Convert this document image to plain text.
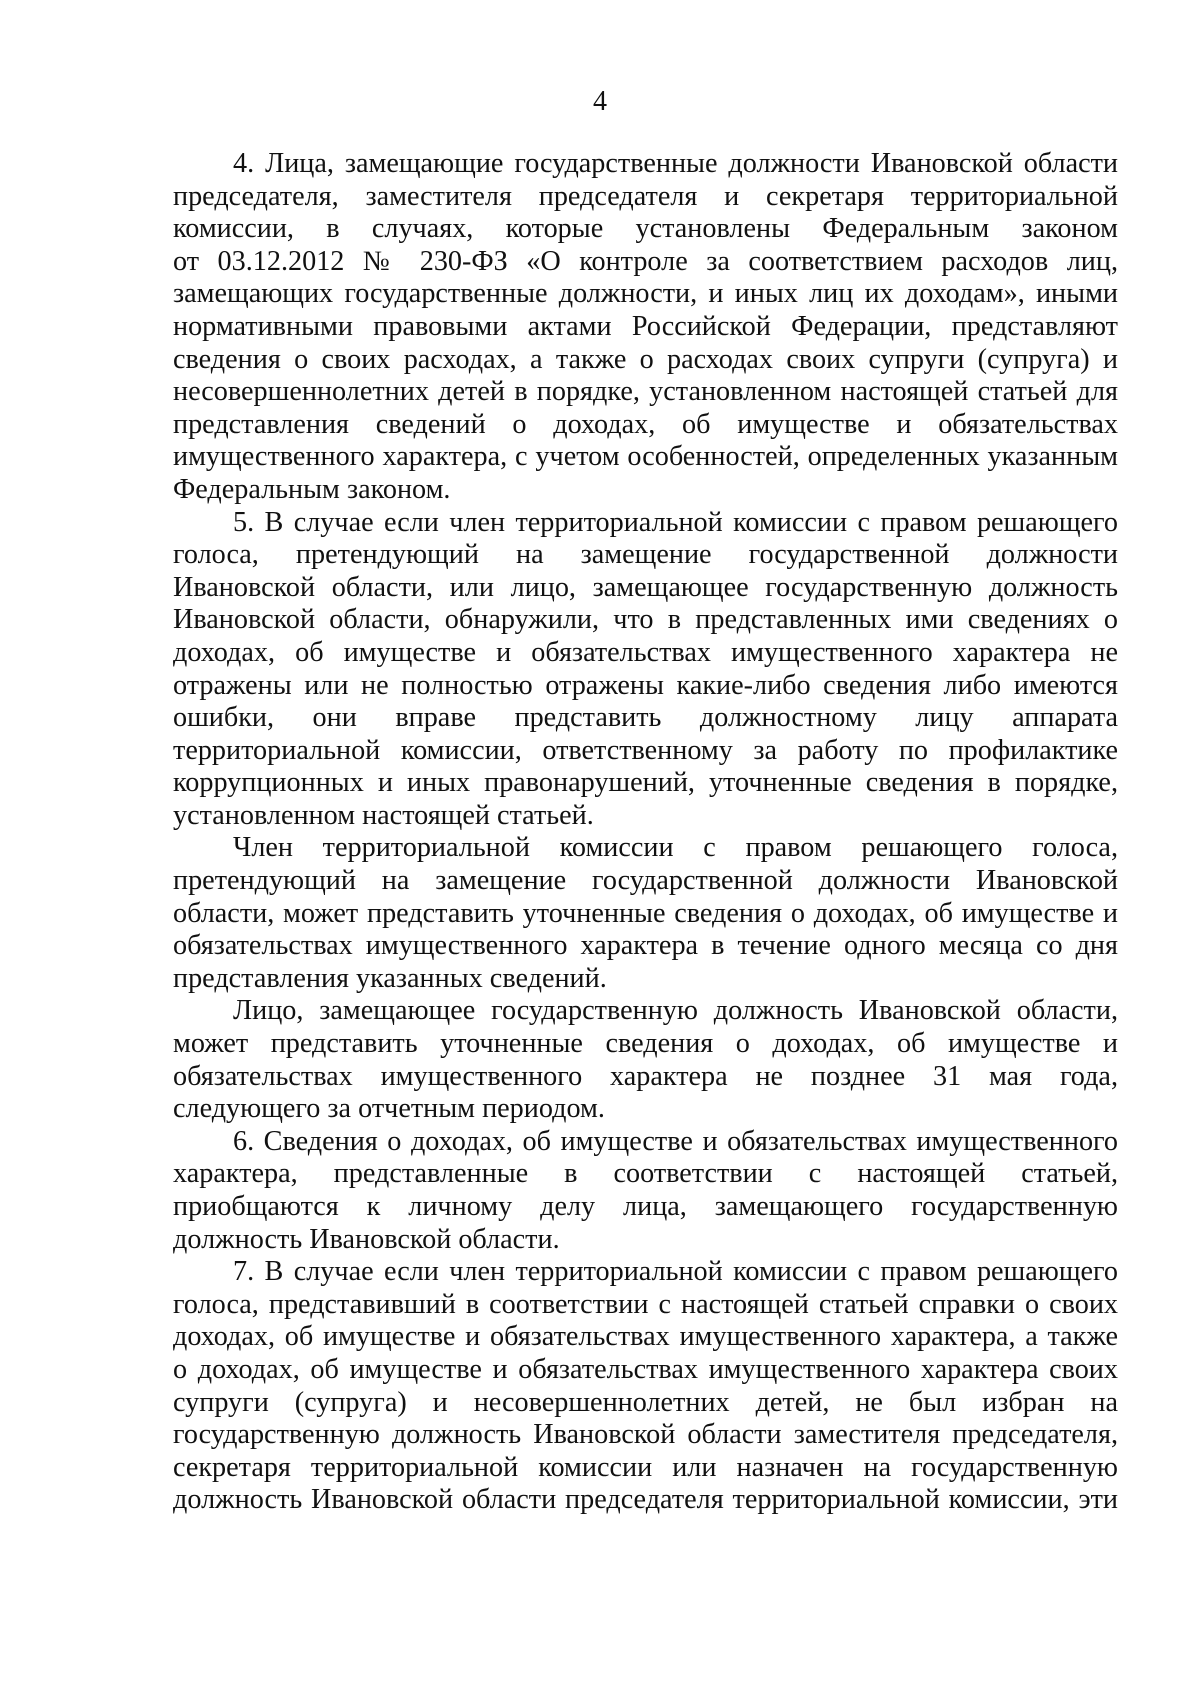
4

4. Лица, замещающие государственные должности Ивановской области
председателя, заместителя председателя и секретаря территориальной
комиссии, в случаях, которые установлены Федеральным законом
от 03.12.2012 № 230-ФЗ «О контроле за соответствием расходов лиц,
замещающих государственные должности, и иных лиц их доходам», иными
нормативными правовыми актами Российской Федерации, представляют
сведения о своих расходах, а также о расходах своих супруги (супруга) и
несовершеннолетних детей в порядке, установленном настоящей статьей для
представления сведений о доходах, об имуществе и обязательствах
имущественного характера, с учетом особенностей, определенных указанным
Федеральным законом.

5. В случае если член территориальной комиссии с правом решающего
голоса, претендующий на замещение государственной должности
Ивановской области, или лицо, замещающее государственную должность
Ивановской области, обнаружили, что в представленных ими сведениях о
доходах, об имуществе и обязательствах имущественного характера не
отражены или не полностью отражены какие-либо сведения либо имеются
ошибки, они вправе представить должностному лицу аппарата
территориальной комиссии, ответственному за работу по профилактике
коррупционных и иных правонарушений, уточненные сведения в порядке,
установленном настоящей статьей.

Член территориальной комиссии с правом решающего голоса,
претендующий на замещение государственной должности Ивановской
области, может представить уточненные сведения о доходах, об имуществе и
обязательствах имущественного характера в течение одного месяца со дня
представления указанных сведений.

Лицо, замещающее государственную должность Ивановской области,
может представить уточненные сведения о доходах, об имуществе и
обязательствах имущественного характера не позднее 31 мая года,
следующего за отчетным периодом.

6. Сведения о доходах, об имуществе и обязательствах имущественного
характера, представленные в соответствии с настоящей статьей,
приобщаются к личному делу лица, замещающего государственную
должность Ивановской области.

7. В случае если член территориальной комиссии с правом решающего
голоса, представивший в соответствии с настоящей статьей справки о своих
доходах, об имуществе и обязательствах имущественного характера, а также
о доходах, об имуществе и обязательствах имущественного характера своих
супруги (супруга) и несовершеннолетних детей, не был избран на
государственную должность Ивановской области заместителя председателя,
секретаря территориальной комиссии или назначен на государственную
должность Ивановской области председателя территориальной комиссии, эти
